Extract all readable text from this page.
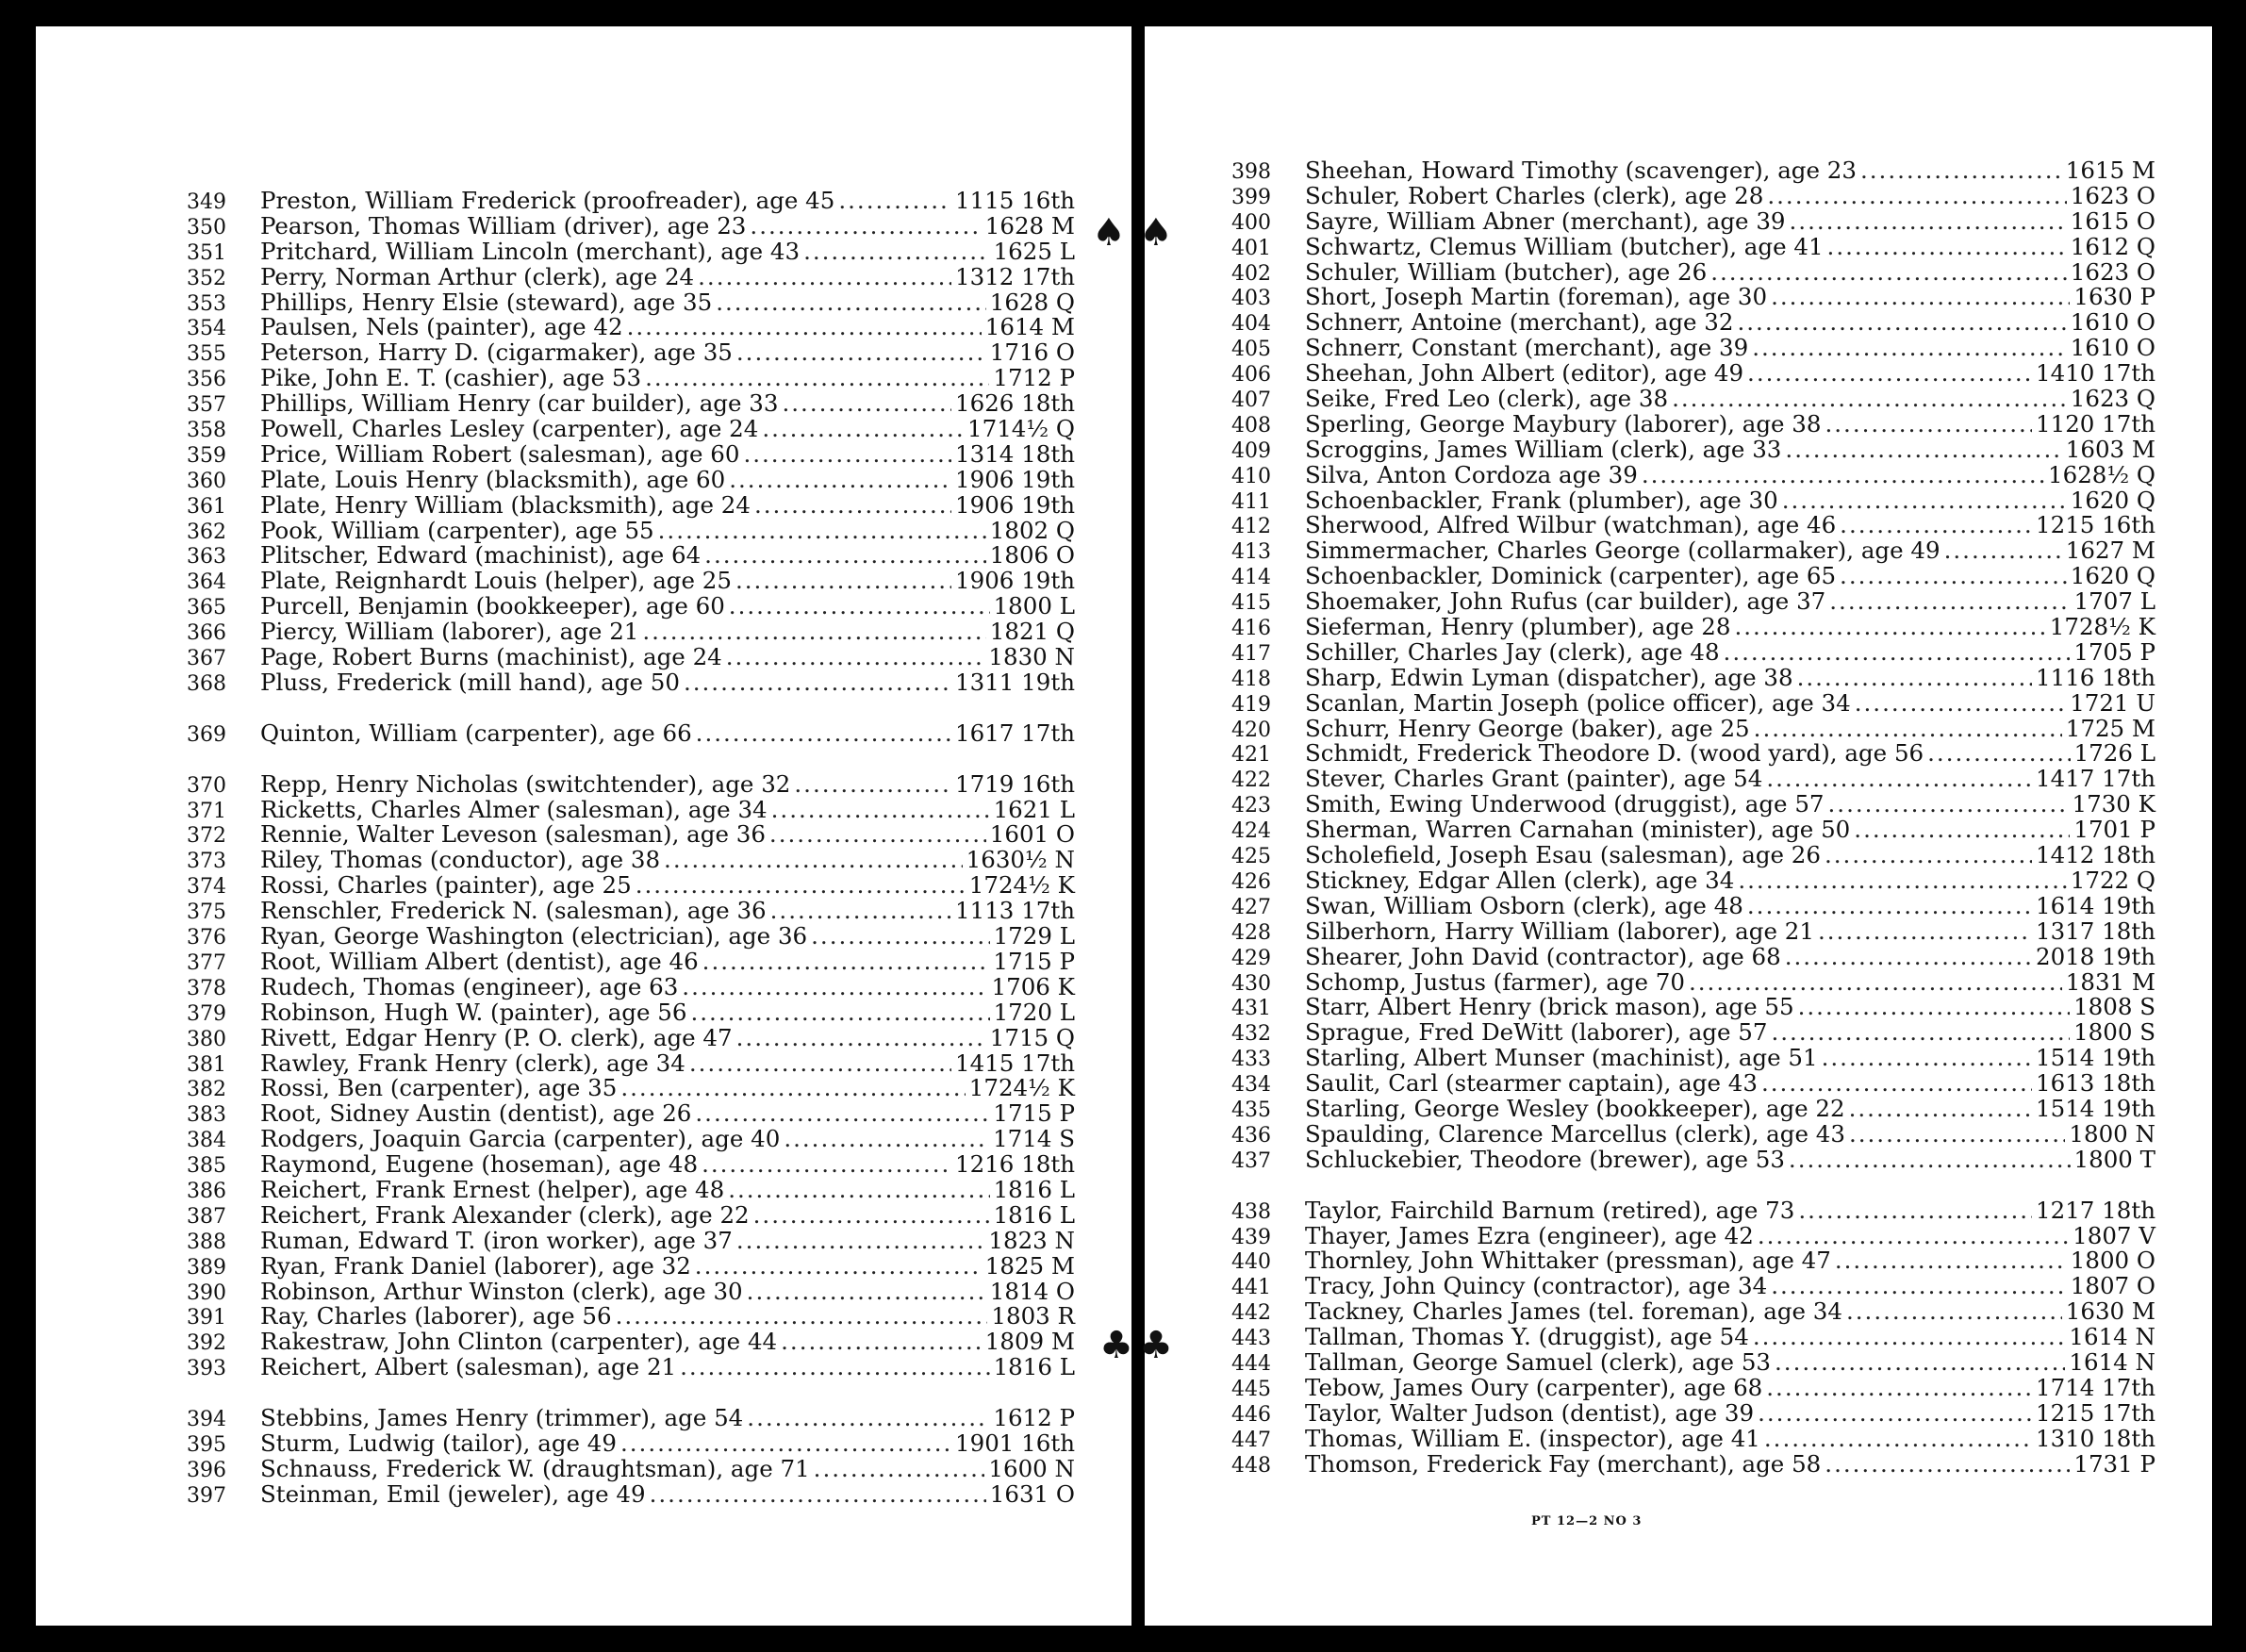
♠
♣
349	Preston, William Frederick (proofreader), age 45 .....	1115 16th
350	Pearson, Thomas William (driver), age 23 .....	1628 M
351	Pritchard, William Lincoln (merchant), age 43 .....	1625 L
352	Perry, Norman Arthur (clerk), age 24 .....	1312 17th
353	Phillips, Henry Elsie (steward), age 35 .....	1628 Q
354	Paulsen, Nels (painter), age 42 .....	1614 M
355	Peterson, Harry D. (cigarmaker), age 35 .....	1716 O
356	Pike, John E. T. (cashier), age 53 .....	1712 P
357	Phillips, William Henry (car builder), age 33 .....	1626 18th
358	Powell, Charles Lesley (carpenter), age 24 .....	1714½ Q
359	Price, William Robert (salesman), age 60 .....	1314 18th
360	Plate, Louis Henry (blacksmith), age 60 .....	1906 19th
361	Plate, Henry William (blacksmith), age 24 .....	1906 19th
362	Pook, William (carpenter), age 55 .....	1802 Q
363	Plitscher, Edward (machinist), age 64 .....	1806 O
364	Plate, Reignhardt Louis (helper), age 25 .....	1906 19th
365	Purcell, Benjamin (bookkeeper), age 60 .....	1800 L
366	Piercy, William (laborer), age 21 .....	1821 Q
367	Page, Robert Burns (machinist), age 24 .....	1830 N
368	Pluss, Frederick (mill hand), age 50 .....	1311 19th
369	Quinton, William (carpenter), age 66 .....	1617 17th
370	Repp, Henry Nicholas (switchtender), age 32 .....	1719 16th
371	Ricketts, Charles Almer (salesman), age 34 .....	1621 L
372	Rennie, Walter Leveson (salesman), age 36 .....	1601 O
373	Riley, Thomas (conductor), age 38 .....	1630½ N
374	Rossi, Charles (painter), age 25 .....	1724½ K
375	Renschler, Frederick N. (salesman), age 36 .....	1113 17th
376	Ryan, George Washington (electrician), age 36 .....	1729 L
377	Root, William Albert (dentist), age 46 .....	1715 P
378	Rudech, Thomas (engineer), age 63 .....	1706 K
379	Robinson, Hugh W. (painter), age 56 .....	1720 L
380	Rivett, Edgar Henry (P. O. clerk), age 47 .....	1715 Q
381	Rawley, Frank Henry (clerk), age 34 .....	1415 17th
382	Rossi, Ben (carpenter), age 35 .....	1724½ K
383	Root, Sidney Austin (dentist), age 26 .....	1715 P
384	Rodgers, Joaquin Garcia (carpenter), age 40 .....	1714 S
385	Raymond, Eugene (hoseman), age 48 .....	1216 18th
386	Reichert, Frank Ernest (helper), age 48 .....	1816 L
387	Reichert, Frank Alexander (clerk), age 22 .....	1816 L
388	Ruman, Edward T. (iron worker), age 37 .....	1823 N
389	Ryan, Frank Daniel (laborer), age 32 .....	1825 M
390	Robinson, Arthur Winston (clerk), age 30 .....	1814 O
391	Ray, Charles (laborer), age 56 .....	1803 R
392	Rakestraw, John Clinton (carpenter), age 44 .....	1809 M
393	Reichert, Albert (salesman), age 21 .....	1816 L
394	Stebbins, James Henry (trimmer), age 54 .....	1612 P
395	Sturm, Ludwig (tailor), age 49 .....	1901 16th
396	Schnauss, Frederick W. (draughtsman), age 71 .....	1600 N
397	Steinman, Emil (jeweler), age 49 .....	1631 O
♠
♣
398	Sheehan, Howard Timothy (scavenger), age 23 .....	1615 M
399	Schuler, Robert Charles (clerk), age 28 .....	1623 O
400	Sayre, William Abner (merchant), age 39 .....	1615 O
401	Schwartz, Clemus William (butcher), age 41 .....	1612 Q
402	Schuler, William (butcher), age 26 .....	1623 O
403	Short, Joseph Martin (foreman), age 30 .....	1630 P
404	Schnerr, Antoine (merchant), age 32 .....	1610 O
405	Schnerr, Constant (merchant), age 39 .....	1610 O
406	Sheehan, John Albert (editor), age 49 .....	1410 17th
407	Seike, Fred Leo (clerk), age 38 .....	1623 Q
408	Sperling, George Maybury (laborer), age 38 .....	1120 17th
409	Scroggins, James William (clerk), age 33 .....	1603 M
410	Silva, Anton Cordoza age 39 .....	1628½ Q
411	Schoenbackler, Frank (plumber), age 30 .....	1620 Q
412	Sherwood, Alfred Wilbur (watchman), age 46 .....	1215 16th
413	Simmermacher, Charles George (collarmaker), age 49 .....	1627 M
414	Schoenbackler, Dominick (carpenter), age 65 .....	1620 Q
415	Shoemaker, John Rufus (car builder), age 37 .....	1707 L
416	Sieferman, Henry (plumber), age 28 .....	1728½ K
417	Schiller, Charles Jay (clerk), age 48 .....	1705 P
418	Sharp, Edwin Lyman (dispatcher), age 38 .....	1116 18th
419	Scanlan, Martin Joseph (police officer), age 34 .....	1721 U
420	Schurr, Henry George (baker), age 25 .....	1725 M
421	Schmidt, Frederick Theodore D. (wood yard), age 56 .....	1726 L
422	Stever, Charles Grant (painter), age 54 .....	1417 17th
423	Smith, Ewing Underwood (druggist), age 57 .....	1730 K
424	Sherman, Warren Carnahan (minister), age 50 .....	1701 P
425	Scholefield, Joseph Esau (salesman), age 26 .....	1412 18th
426	Stickney, Edgar Allen (clerk), age 34 .....	1722 Q
427	Swan, William Osborn (clerk), age 48 .....	1614 19th
428	Silberhorn, Harry William (laborer), age 21 .....	1317 18th
429	Shearer, John David (contractor), age 68 .....	2018 19th
430	Schomp, Justus (farmer), age 70 .....	1831 M
431	Starr, Albert Henry (brick mason), age 55 .....	1808 S
432	Sprague, Fred DeWitt (laborer), age 57 .....	1800 S
433	Starling, Albert Munser (machinist), age 51 .....	1514 19th
434	Saulit, Carl (stearmer captain), age 43 .....	1613 18th
435	Starling, George Wesley (bookkeeper), age 22 .....	1514 19th
436	Spaulding, Clarence Marcellus (clerk), age 43 .....	1800 N
437	Schluckebier, Theodore (brewer), age 53 .....	1800 T
438	Taylor, Fairchild Barnum (retired), age 73 .....	1217 18th
439	Thayer, James Ezra (engineer), age 42 .....	1807 V
440	Thornley, John Whittaker (pressman), age 47 .....	1800 O
441	Tracy, John Quincy (contractor), age 34 .....	1807 O
442	Tackney, Charles James (tel. foreman), age 34 .....	1630 M
443	Tallman, Thomas Y. (druggist), age 54 .....	1614 N
444	Tallman, George Samuel (clerk), age 53 .....	1614 N
445	Tebow, James Oury (carpenter), age 68 .....	1714 17th
446	Taylor, Walter Judson (dentist), age 39 .....	1215 17th
447	Thomas, William E. (inspector), age 41 .....	1310 18th
448	Thomson, Frederick Fay (merchant), age 58 .....	1731 P
PT 12—2 NO 3
